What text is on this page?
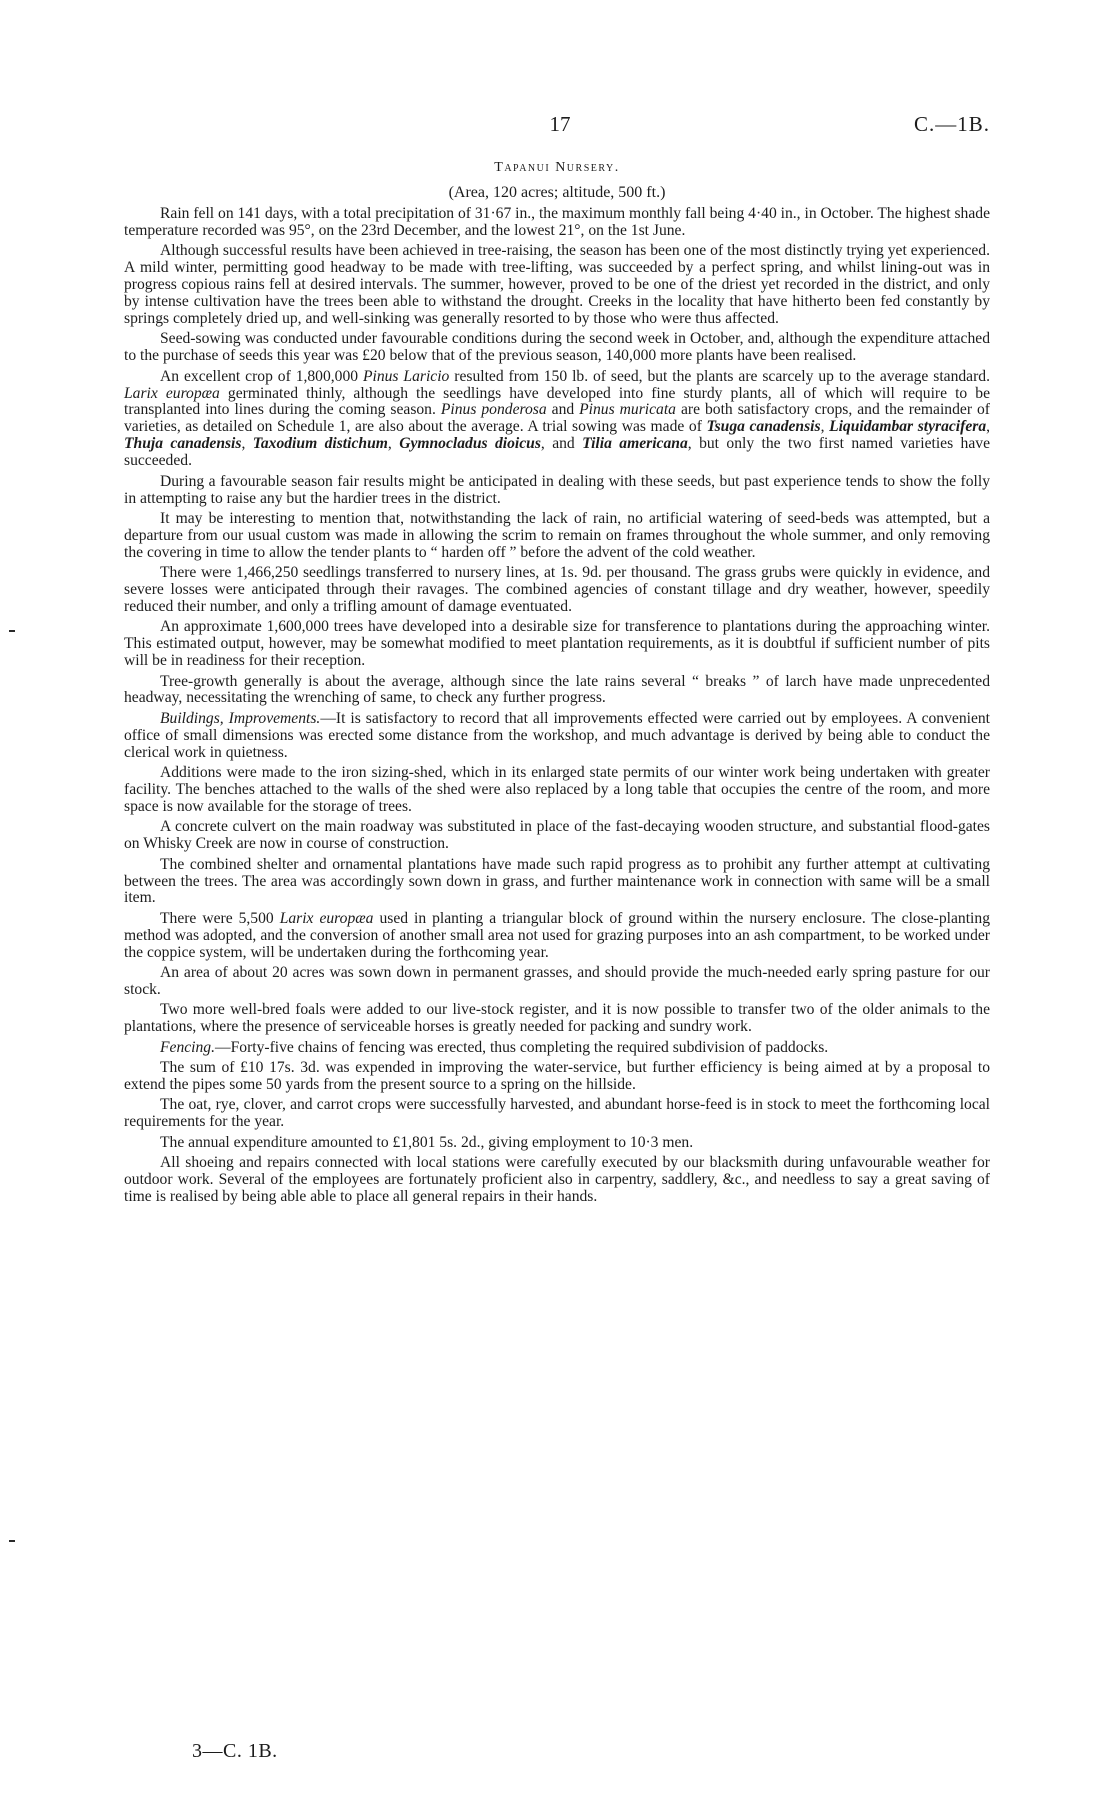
17	C.—1B.
Tapanui Nursery.
(Area, 120 acres; altitude, 500 ft.)

Rain fell on 141 days, with a total precipitation of 31·67 in., the maximum monthly fall being 4·40 in., in October. The highest shade temperature recorded was 95°, on the 23rd December, and the lowest 21°, on the 1st June.

Although successful results have been achieved in tree-raising, the season has been one of the most distinctly trying yet experienced. A mild winter, permitting good headway to be made with tree-lifting, was succeeded by a perfect spring, and whilst lining-out was in progress copious rains fell at desired intervals. The summer, however, proved to be one of the driest yet recorded in the district, and only by intense cultivation have the trees been able to withstand the drought. Creeks in the locality that have hitherto been fed constantly by springs completely dried up, and well-sinking was generally resorted to by those who were thus affected.

Seed-sowing was conducted under favourable conditions during the second week in October, and, although the expenditure attached to the purchase of seeds this year was £20 below that of the previous season, 140,000 more plants have been realised.

An excellent crop of 1,800,000 Pinus Laricio resulted from 150 lb. of seed, but the plants are scarcely up to the average standard. Larix europæa germinated thinly, although the seedlings have developed into fine sturdy plants, all of which will require to be transplanted into lines during the coming season. Pinus ponderosa and Pinus muricata are both satisfactory crops, and the remainder of varieties, as detailed on Schedule 1, are also about the average. A trial sowing was made of Tsuga canadensis, Liquidambar styracifera, Thuja canadensis, Taxodium distichum, Gymnocladus dioicus, and Tilia americana, but only the two first named varieties have succeeded.

During a favourable season fair results might be anticipated in dealing with these seeds, but past experience tends to show the folly in attempting to raise any but the hardier trees in the district.

It may be interesting to mention that, notwithstanding the lack of rain, no artificial watering of seed-beds was attempted, but a departure from our usual custom was made in allowing the scrim to remain on frames throughout the whole summer, and only removing the covering in time to allow the tender plants to “ harden off ” before the advent of the cold weather.

There were 1,466,250 seedlings transferred to nursery lines, at 1s. 9d. per thousand. The grass grubs were quickly in evidence, and severe losses were anticipated through their ravages. The combined agencies of constant tillage and dry weather, however, speedily reduced their number, and only a trifling amount of damage eventuated.

An approximate 1,600,000 trees have developed into a desirable size for transference to plantations during the approaching winter. This estimated output, however, may be somewhat modified to meet plantation requirements, as it is doubtful if sufficient number of pits will be in readiness for their reception.

Tree-growth generally is about the average, although since the late rains several “ breaks ” of larch have made unprecedented headway, necessitating the wrenching of same, to check any further progress.

Buildings, Improvements.—It is satisfactory to record that all improvements effected were carried out by employees. A convenient office of small dimensions was erected some distance from the workshop, and much advantage is derived by being able to conduct the clerical work in quietness.

Additions were made to the iron sizing-shed, which in its enlarged state permits of our winter work being undertaken with greater facility. The benches attached to the walls of the shed were also replaced by a long table that occupies the centre of the room, and more space is now available for the storage of trees.

A concrete culvert on the main roadway was substituted in place of the fast-decaying wooden structure, and substantial flood-gates on Whisky Creek are now in course of construction.

The combined shelter and ornamental plantations have made such rapid progress as to prohibit any further attempt at cultivating between the trees. The area was accordingly sown down in grass, and further maintenance work in connection with same will be a small item.

There were 5,500 Larix europæa used in planting a triangular block of ground within the nursery enclosure. The close-planting method was adopted, and the conversion of another small area not used for grazing purposes into an ash compartment, to be worked under the coppice system, will be undertaken during the forthcoming year.

An area of about 20 acres was sown down in permanent grasses, and should provide the much-needed early spring pasture for our stock.

Two more well-bred foals were added to our live-stock register, and it is now possible to transfer two of the older animals to the plantations, where the presence of serviceable horses is greatly needed for packing and sundry work.

Fencing.—Forty-five chains of fencing was erected, thus completing the required subdivision of paddocks.

The sum of £10 17s. 3d. was expended in improving the water-service, but further efficiency is being aimed at by a proposal to extend the pipes some 50 yards from the present source to a spring on the hillside.

The oat, rye, clover, and carrot crops were successfully harvested, and abundant horse-feed is in stock to meet the forthcoming local requirements for the year.

The annual expenditure amounted to £1,801 5s. 2d., giving employment to 10·3 men.

All shoeing and repairs connected with local stations were carefully executed by our blacksmith during unfavourable weather for outdoor work. Several of the employees are fortunately proficient also in carpentry, saddlery, &c., and needless to say a great saving of time is realised by being able able to place all general repairs in their hands.

3—C. 1B.
